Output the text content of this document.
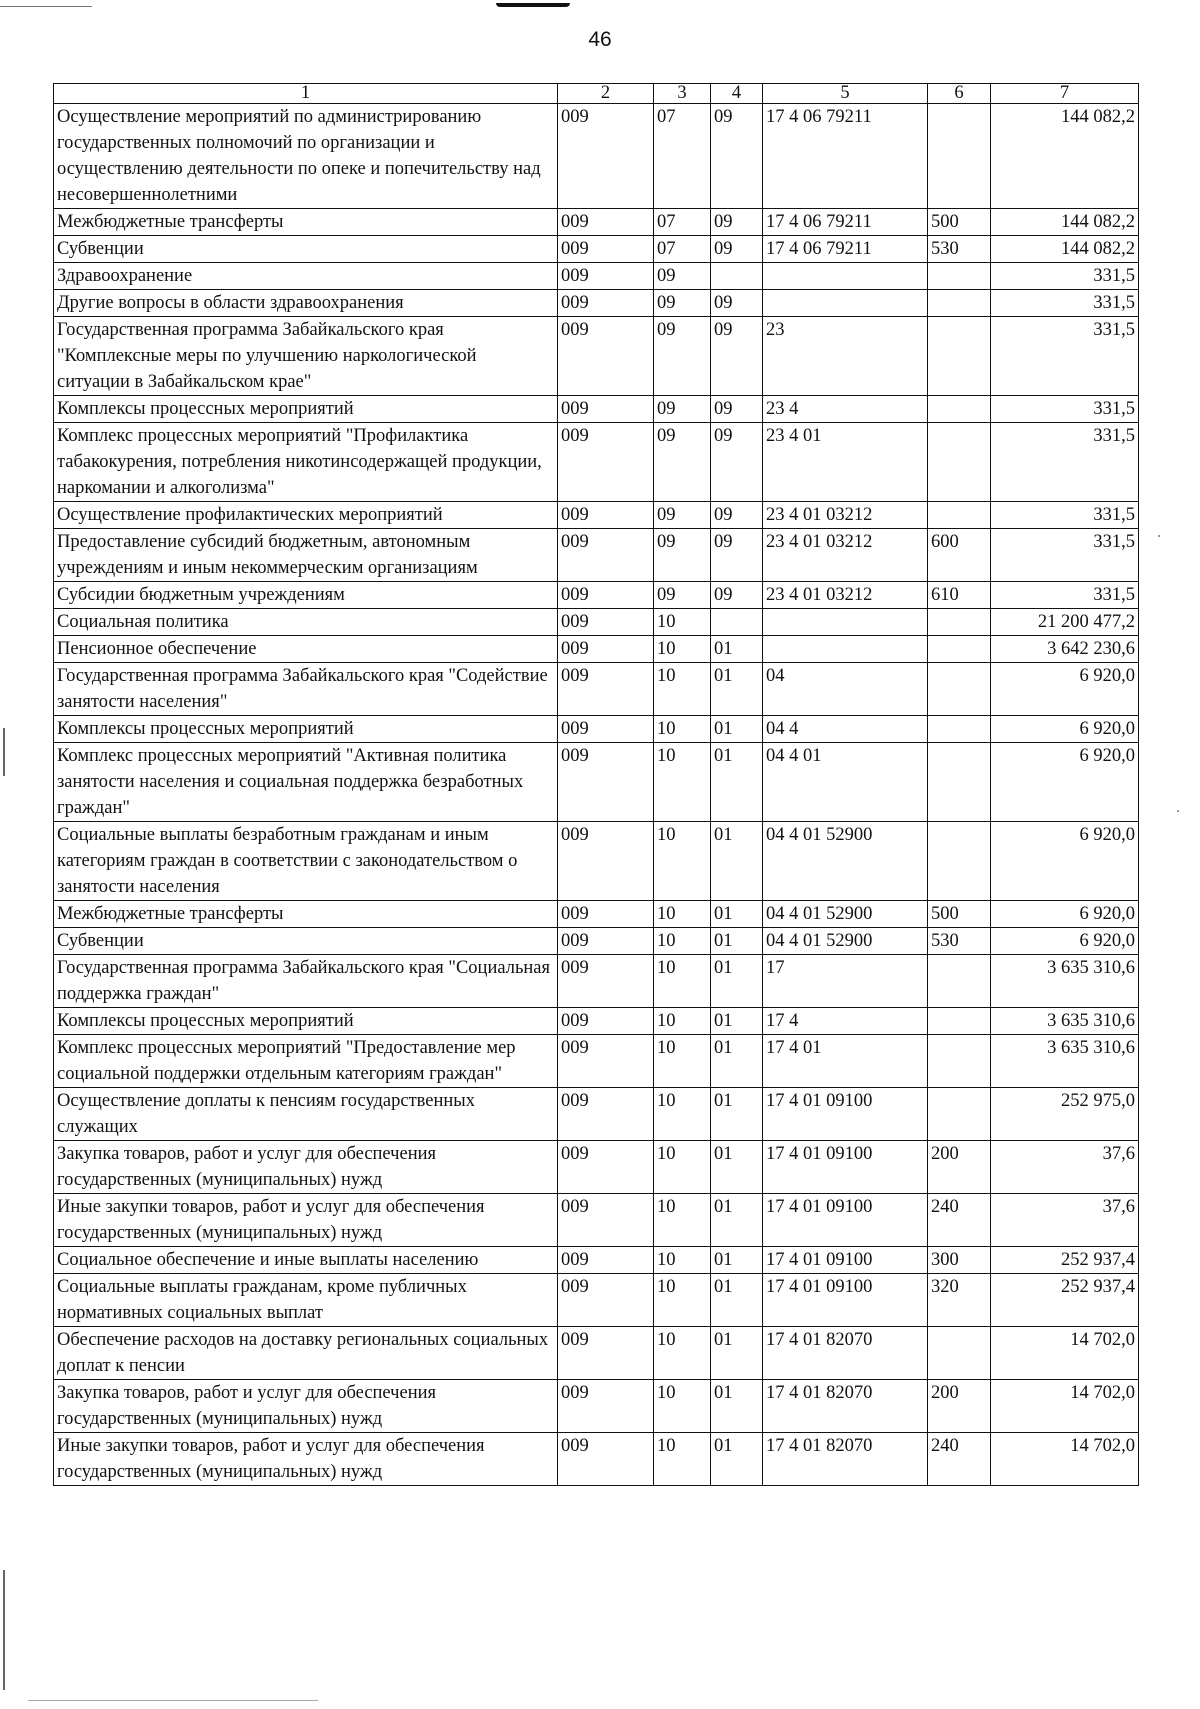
46
1	2	3	4	5	6	7
Осуществление мероприятий по администрированию государственных полномочий по организации и осуществлению деятельности по опеке и попечительству над несовершеннолетними	009	07	09	17 4 06 79211		144 082,2
Межбюджетные трансферты	009	07	09	17 4 06 79211	500	144 082,2
Субвенции	009	07	09	17 4 06 79211	530	144 082,2
Здравоохранение	009	09				331,5
Другие вопросы в области здравоохранения	009	09	09			331,5
Государственная программа Забайкальского края "Комплексные меры по улучшению наркологической ситуации в Забайкальском крае"	009	09	09	23		331,5
Комплексы процессных мероприятий	009	09	09	23 4		331,5
Комплекс процессных мероприятий "Профилактика табакокурения, потребления никотинсодержащей продукции, наркомании и алкоголизма"	009	09	09	23 4 01		331,5
Осуществление профилактических мероприятий	009	09	09	23 4 01 03212		331,5
Предоставление субсидий бюджетным, автономным учреждениям и иным некоммерческим организациям	009	09	09	23 4 01 03212	600	331,5
Субсидии бюджетным учреждениям	009	09	09	23 4 01 03212	610	331,5
Социальная политика	009	10				21 200 477,2
Пенсионное обеспечение	009	10	01			3 642 230,6
Государственная программа Забайкальского края "Содействие занятости населения"	009	10	01	04		6 920,0
Комплексы процессных мероприятий	009	10	01	04 4		6 920,0
Комплекс процессных мероприятий "Активная политика занятости населения и социальная поддержка безработных граждан"	009	10	01	04 4 01		6 920,0
Социальные выплаты безработным гражданам и иным категориям граждан в соответствии с законодательством о занятости населения	009	10	01	04 4 01 52900		6 920,0
Межбюджетные трансферты	009	10	01	04 4 01 52900	500	6 920,0
Субвенции	009	10	01	04 4 01 52900	530	6 920,0
Государственная программа Забайкальского края "Социальная поддержка граждан"	009	10	01	17		3 635 310,6
Комплексы процессных мероприятий	009	10	01	17 4		3 635 310,6
Комплекс процессных мероприятий "Предоставление мер социальной поддержки отдельным категориям граждан"	009	10	01	17 4 01		3 635 310,6
Осуществление доплаты к пенсиям государственных служащих	009	10	01	17 4 01 09100		252 975,0
Закупка товаров, работ и услуг для обеспечения государственных (муниципальных) нужд	009	10	01	17 4 01 09100	200	37,6
Иные закупки товаров, работ и услуг для обеспечения государственных (муниципальных) нужд	009	10	01	17 4 01 09100	240	37,6
Социальное обеспечение и иные выплаты населению	009	10	01	17 4 01 09100	300	252 937,4
Социальные выплаты гражданам, кроме публичных нормативных социальных выплат	009	10	01	17 4 01 09100	320	252 937,4
Обеспечение расходов на доставку региональных социальных доплат к пенсии	009	10	01	17 4 01 82070		14 702,0
Закупка товаров, работ и услуг для обеспечения государственных (муниципальных) нужд	009	10	01	17 4 01 82070	200	14 702,0
Иные закупки товаров, работ и услуг для обеспечения государственных (муниципальных) нужд	009	10	01	17 4 01 82070	240	14 702,0
